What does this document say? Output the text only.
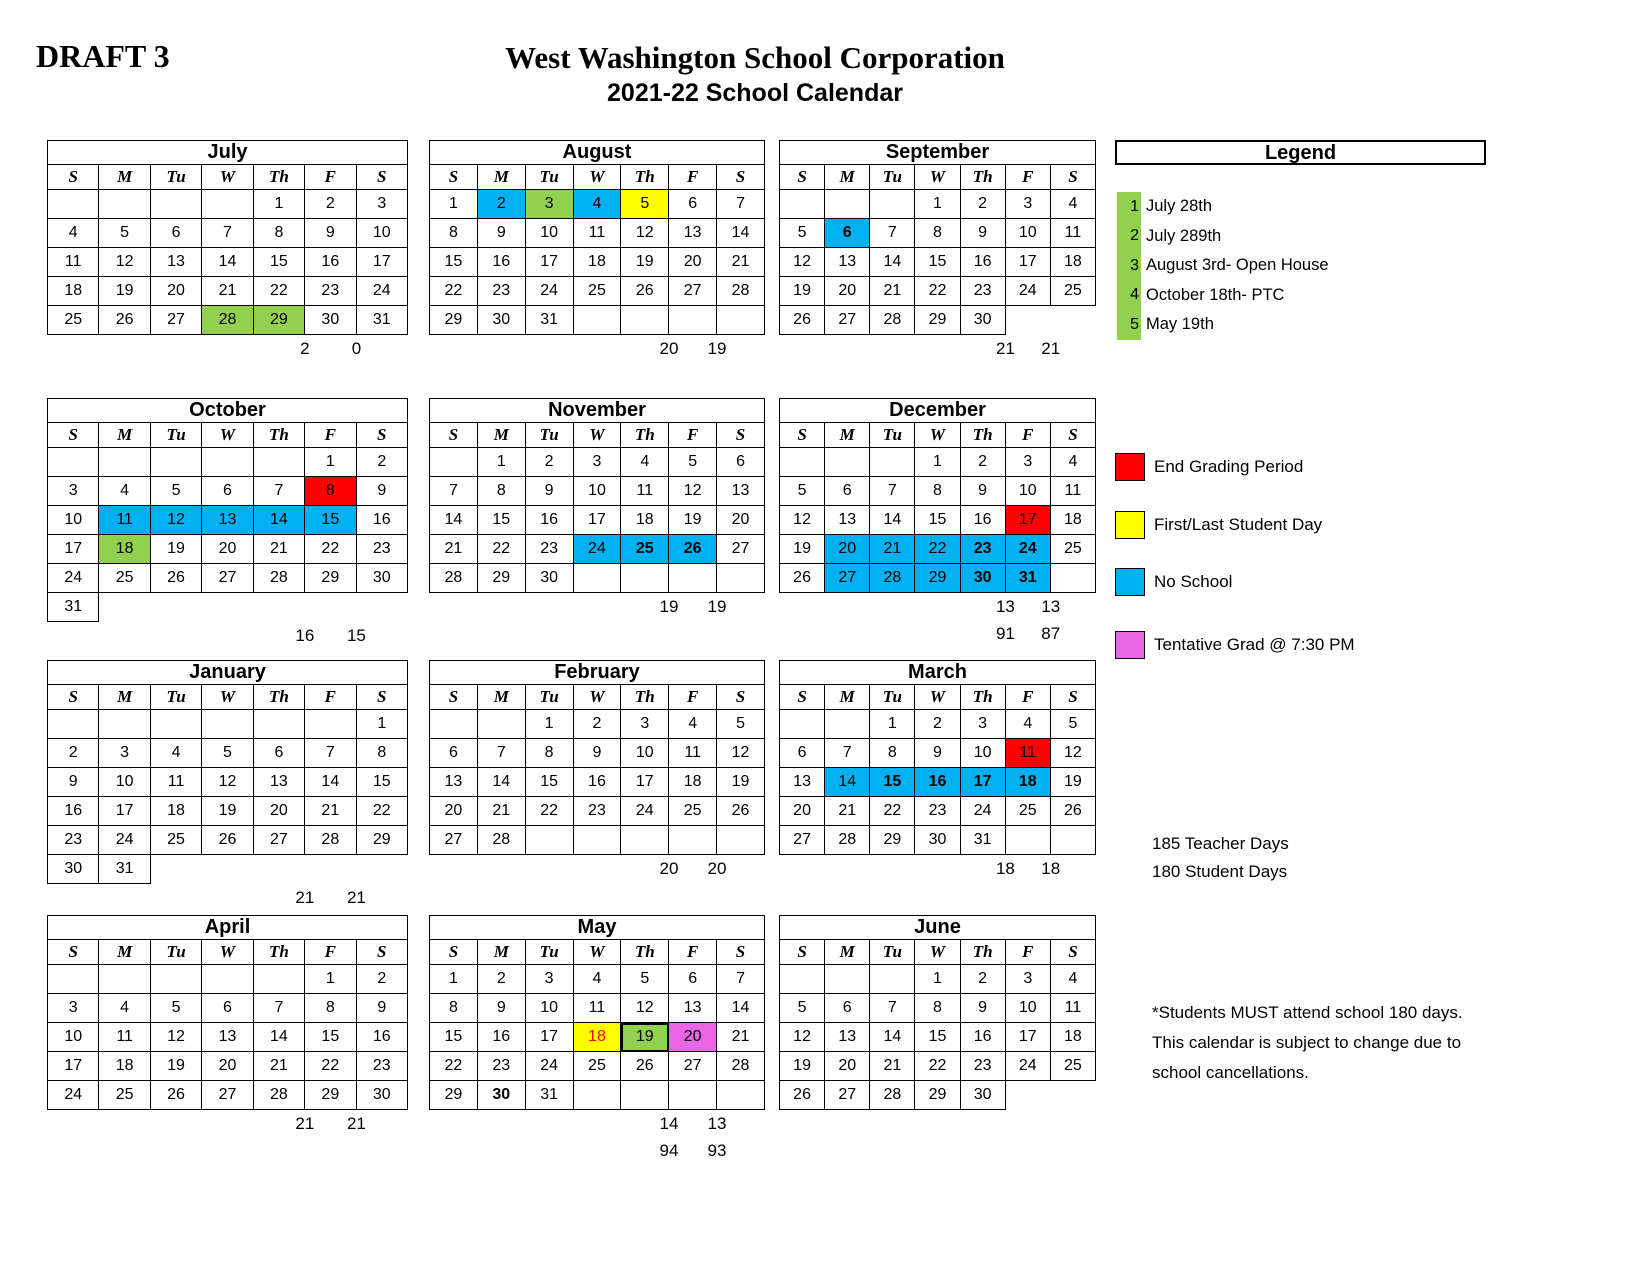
DRAFT 3	West Washington School Corporation
2021-22 School Calendar
July						
S	M	Tu	W	Th	F	S
				1	2	3
4	5	6	7	8	9	10
11	12	13	14	15	16	17
18	19	20	21	22	23	24
25	26	27	28	29	30	31
2	0
August						
S	M	Tu	W	Th	F	S
1	2	3	4	5	6	7
8	9	10	11	12	13	14
15	16	17	18	19	20	21
22	23	24	25	26	27	28
29	30	31				
20	19
September						
S	M	Tu	W	Th	F	S
			1	2	3	4
5	6	7	8	9	10	11
12	13	14	15	16	17	18
19	20	21	22	23	24	25
26	27	28	29	30		
21	21
October						
S	M	Tu	W	Th	F	S
					1	2
3	4	5	6	7	8	9
10	11	12	13	14	15	16
17	18	19	20	21	22	23
24	25	26	27	28	29	30
31						
16	15
November						
S	M	Tu	W	Th	F	S
	1	2	3	4	5	6
7	8	9	10	11	12	13
14	15	16	17	18	19	20
21	22	23	24	25	26	27
28	29	30				
19	19
December						
S	M	Tu	W	Th	F	S
			1	2	3	4
5	6	7	8	9	10	11
12	13	14	15	16	17	18
19	20	21	22	23	24	25
26	27	28	29	30	31	
13	13
91	87
January						
S	M	Tu	W	Th	F	S
						1
2	3	4	5	6	7	8
9	10	11	12	13	14	15
16	17	18	19	20	21	22
23	24	25	26	27	28	29
30	31					
21	21
February						
S	M	Tu	W	Th	F	S
		1	2	3	4	5
6	7	8	9	10	11	12
13	14	15	16	17	18	19
20	21	22	23	24	25	26
27	28					
20	20
March						
S	M	Tu	W	Th	F	S
		1	2	3	4	5
6	7	8	9	10	11	12
13	14	15	16	17	18	19
20	21	22	23	24	25	26
27	28	29	30	31		
18	18
April						
S	M	Tu	W	Th	F	S
					1	2
3	4	5	6	7	8	9
10	11	12	13	14	15	16
17	18	19	20	21	22	23
24	25	26	27	28	29	30
21	21
May						
S	M	Tu	W	Th	F	S
1	2	3	4	5	6	7
8	9	10	11	12	13	14
15	16	17	18	19	20	21
22	23	24	25	26	27	28
29	30	31				
14	13
94	93
June						
S	M	Tu	W	Th	F	S
			1	2	3	4
5	6	7	8	9	10	11
12	13	14	15	16	17	18
19	20	21	22	23	24	25
26	27	28	29	30		
Legend
1 July 28th
2 July 289th
3 August 3rd- Open House
4 October 18th- PTC
5 May 19th
End Grading Period
First/Last Student Day
No School
Tentative Grad @ 7:30 PM
185 Teacher Days
180 Student Days
*Students MUST attend school 180 days. This calendar is subject to change due to school cancellations.
